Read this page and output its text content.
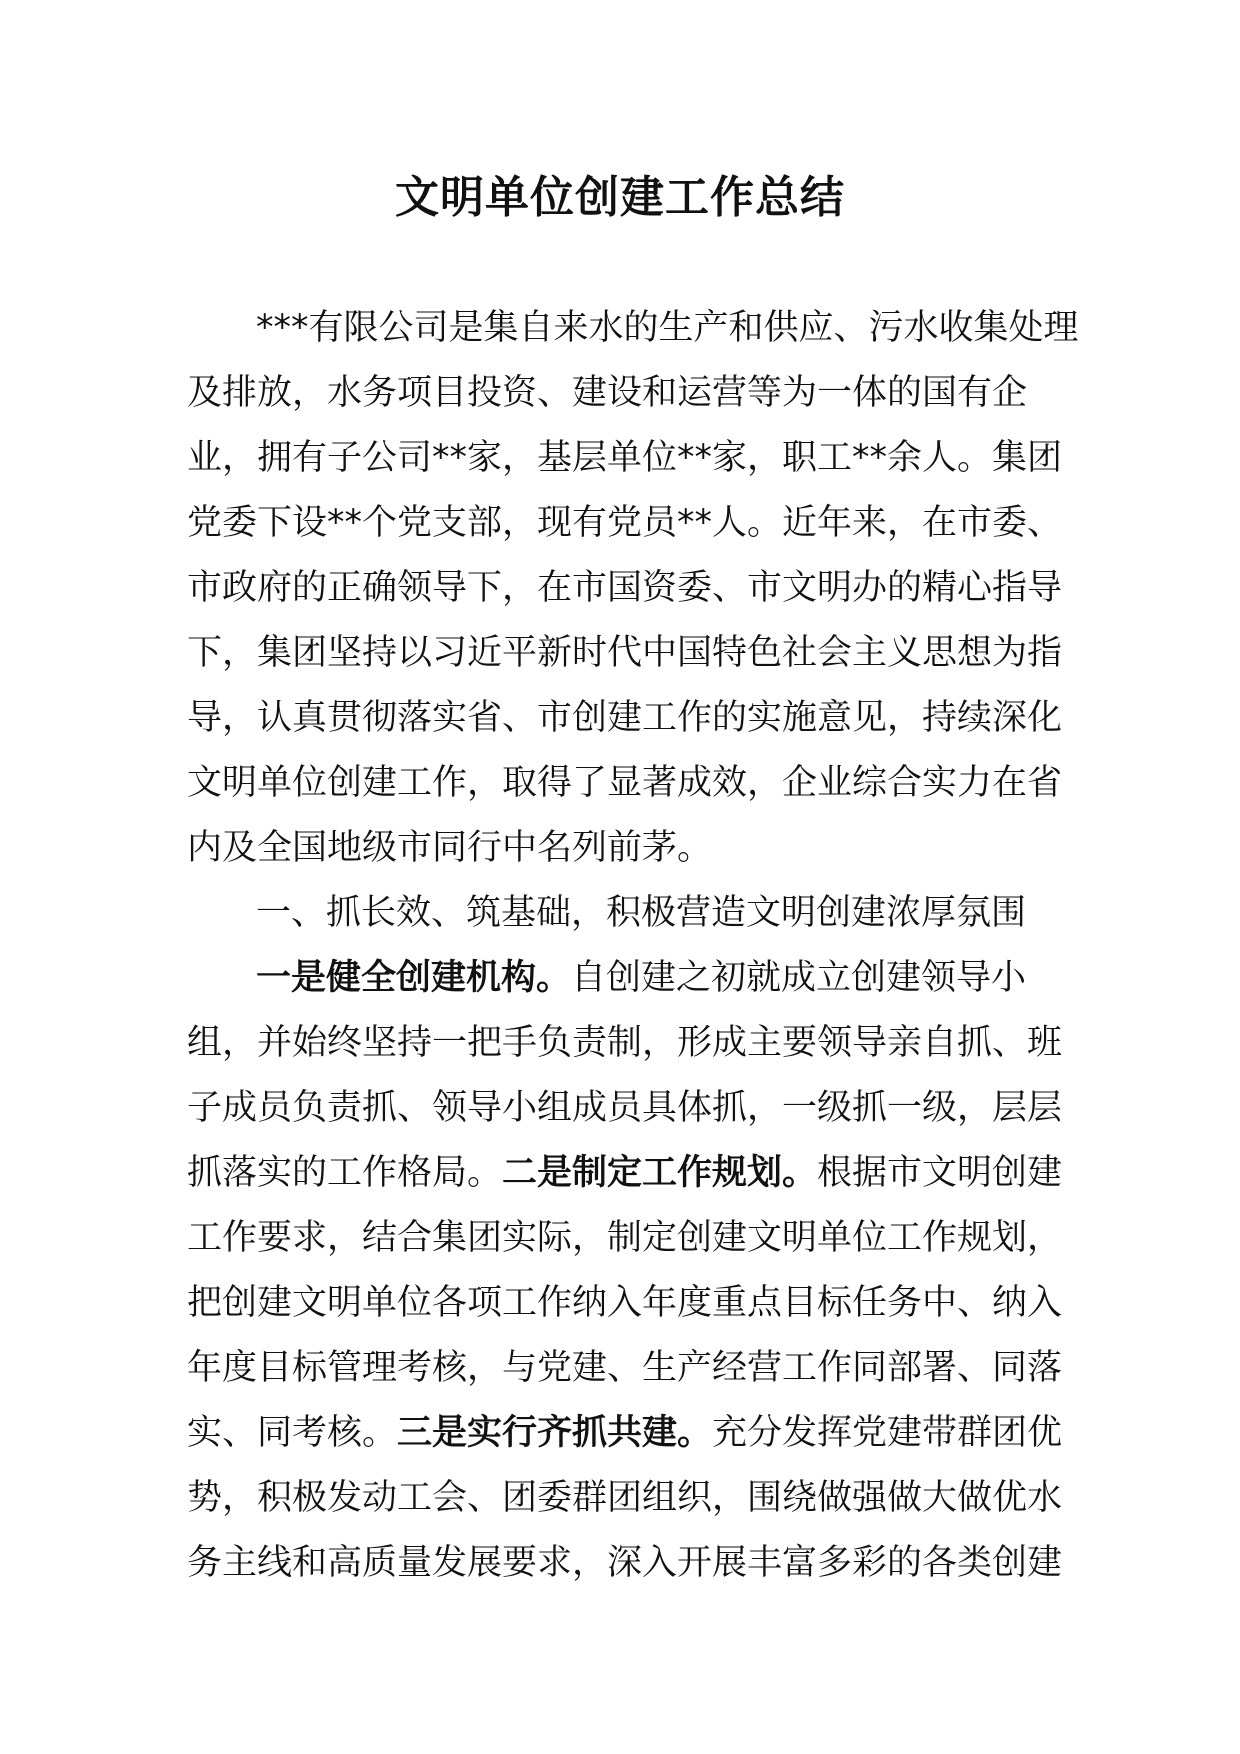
文明单位创建工作总结
***有限公司是集自来水的生产和供应、污水收集处理
及排放，水务项目投资、建设和运营等为一体的国有企
业，拥有子公司**家，基层单位**家，职工**余人。集团
党委下设**个党支部，现有党员**人。近年来，在市委、
市政府的正确领导下，在市国资委、市文明办的精心指导
下，集团坚持以习近平新时代中国特色社会主义思想为指
导，认真贯彻落实省、市创建工作的实施意见，持续深化
文明单位创建工作，取得了显著成效，企业综合实力在省
内及全国地级市同行中名列前茅。
一、抓长效、筑基础，积极营造文明创建浓厚氛围
一是健全创建机构。自创建之初就成立创建领导小
组，并始终坚持一把手负责制，形成主要领导亲自抓、班
子成员负责抓、领导小组成员具体抓，一级抓一级，层层
抓落实的工作格局。二是制定工作规划。根据市文明创建
工作要求，结合集团实际，制定创建文明单位工作规划，
把创建文明单位各项工作纳入年度重点目标任务中、纳入
年度目标管理考核，与党建、生产经营工作同部署、同落
实、同考核。三是实行齐抓共建。充分发挥党建带群团优
势，积极发动工会、团委群团组织，围绕做强做大做优水
务主线和高质量发展要求，深入开展丰富多彩的各类创建
